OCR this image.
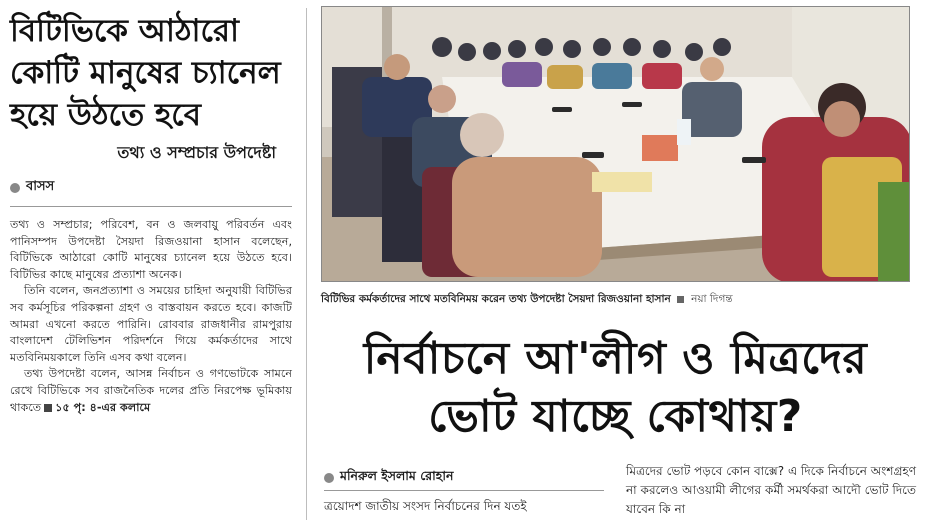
বিটিভিকে আঠারো
কোটি মানুষের চ্যানেল
হয়ে উঠতে হবে
তথ্য ও সম্প্রচার উপদেষ্টা
বাসস

তথ্য ও সম্প্রচার; পরিবেশ, বন ও জলবায়ু পরিবর্তন এবং পানিসম্পদ উপদেষ্টা সৈয়দা রিজওয়ানা হাসান বলেছেন, বিটিভিকে আঠারো কোটি মানুষের চ্যানেল হয়ে উঠতে হবে। বিটিভির কাছে মানুষের প্রত্যাশা অনেক।

তিনি বলেন, জনপ্রত্যাশা ও সময়ের চাহিদা অনুযায়ী বিটিভির সব কর্মসূচির পরিকল্পনা গ্রহণ ও বাস্তবায়ন করতে হবে। কাজটি আমরা এখনো করতে পারিনি। রোববার রাজধানীর রামপুরায় বাংলাদেশ টেলিভিশন পরিদর্শনে গিয়ে কর্মকর্তাদের সাথে মতবিনিময়কালে তিনি এসব কথা বলেন।

তথ্য উপদেষ্টা বলেন, আসন্ন নির্বাচন ও গণভোটকে সামনে রেখে বিটিভিকে সব রাজনৈতিক দলের প্রতি নিরপেক্ষ ভূমিকায় থাকতে ১৫ পৃ: ৪-এর কলামে

বিটিভির কর্মকর্তাদের সাথে মতবিনিময় করেন তথ্য উপদেষ্টা সৈয়দা রিজওয়ানা হাসান নয়া দিগন্ত
নির্বাচনে আ'লীগ ও মিত্রদের
ভোট যাচ্ছে কোথায়?
মনিরুল ইসলাম রোহান
ত্রয়োদশ জাতীয় সংসদ নির্বাচনের দিন যতই
মিত্রদের ভোট পড়বে কোন বাক্সে? এ দিকে নির্বাচনে অংশগ্রহণ না করলেও আওয়ামী লীগের কর্মী সমর্থকরা আদৌ ভোট দিতে যাবেন কি না
